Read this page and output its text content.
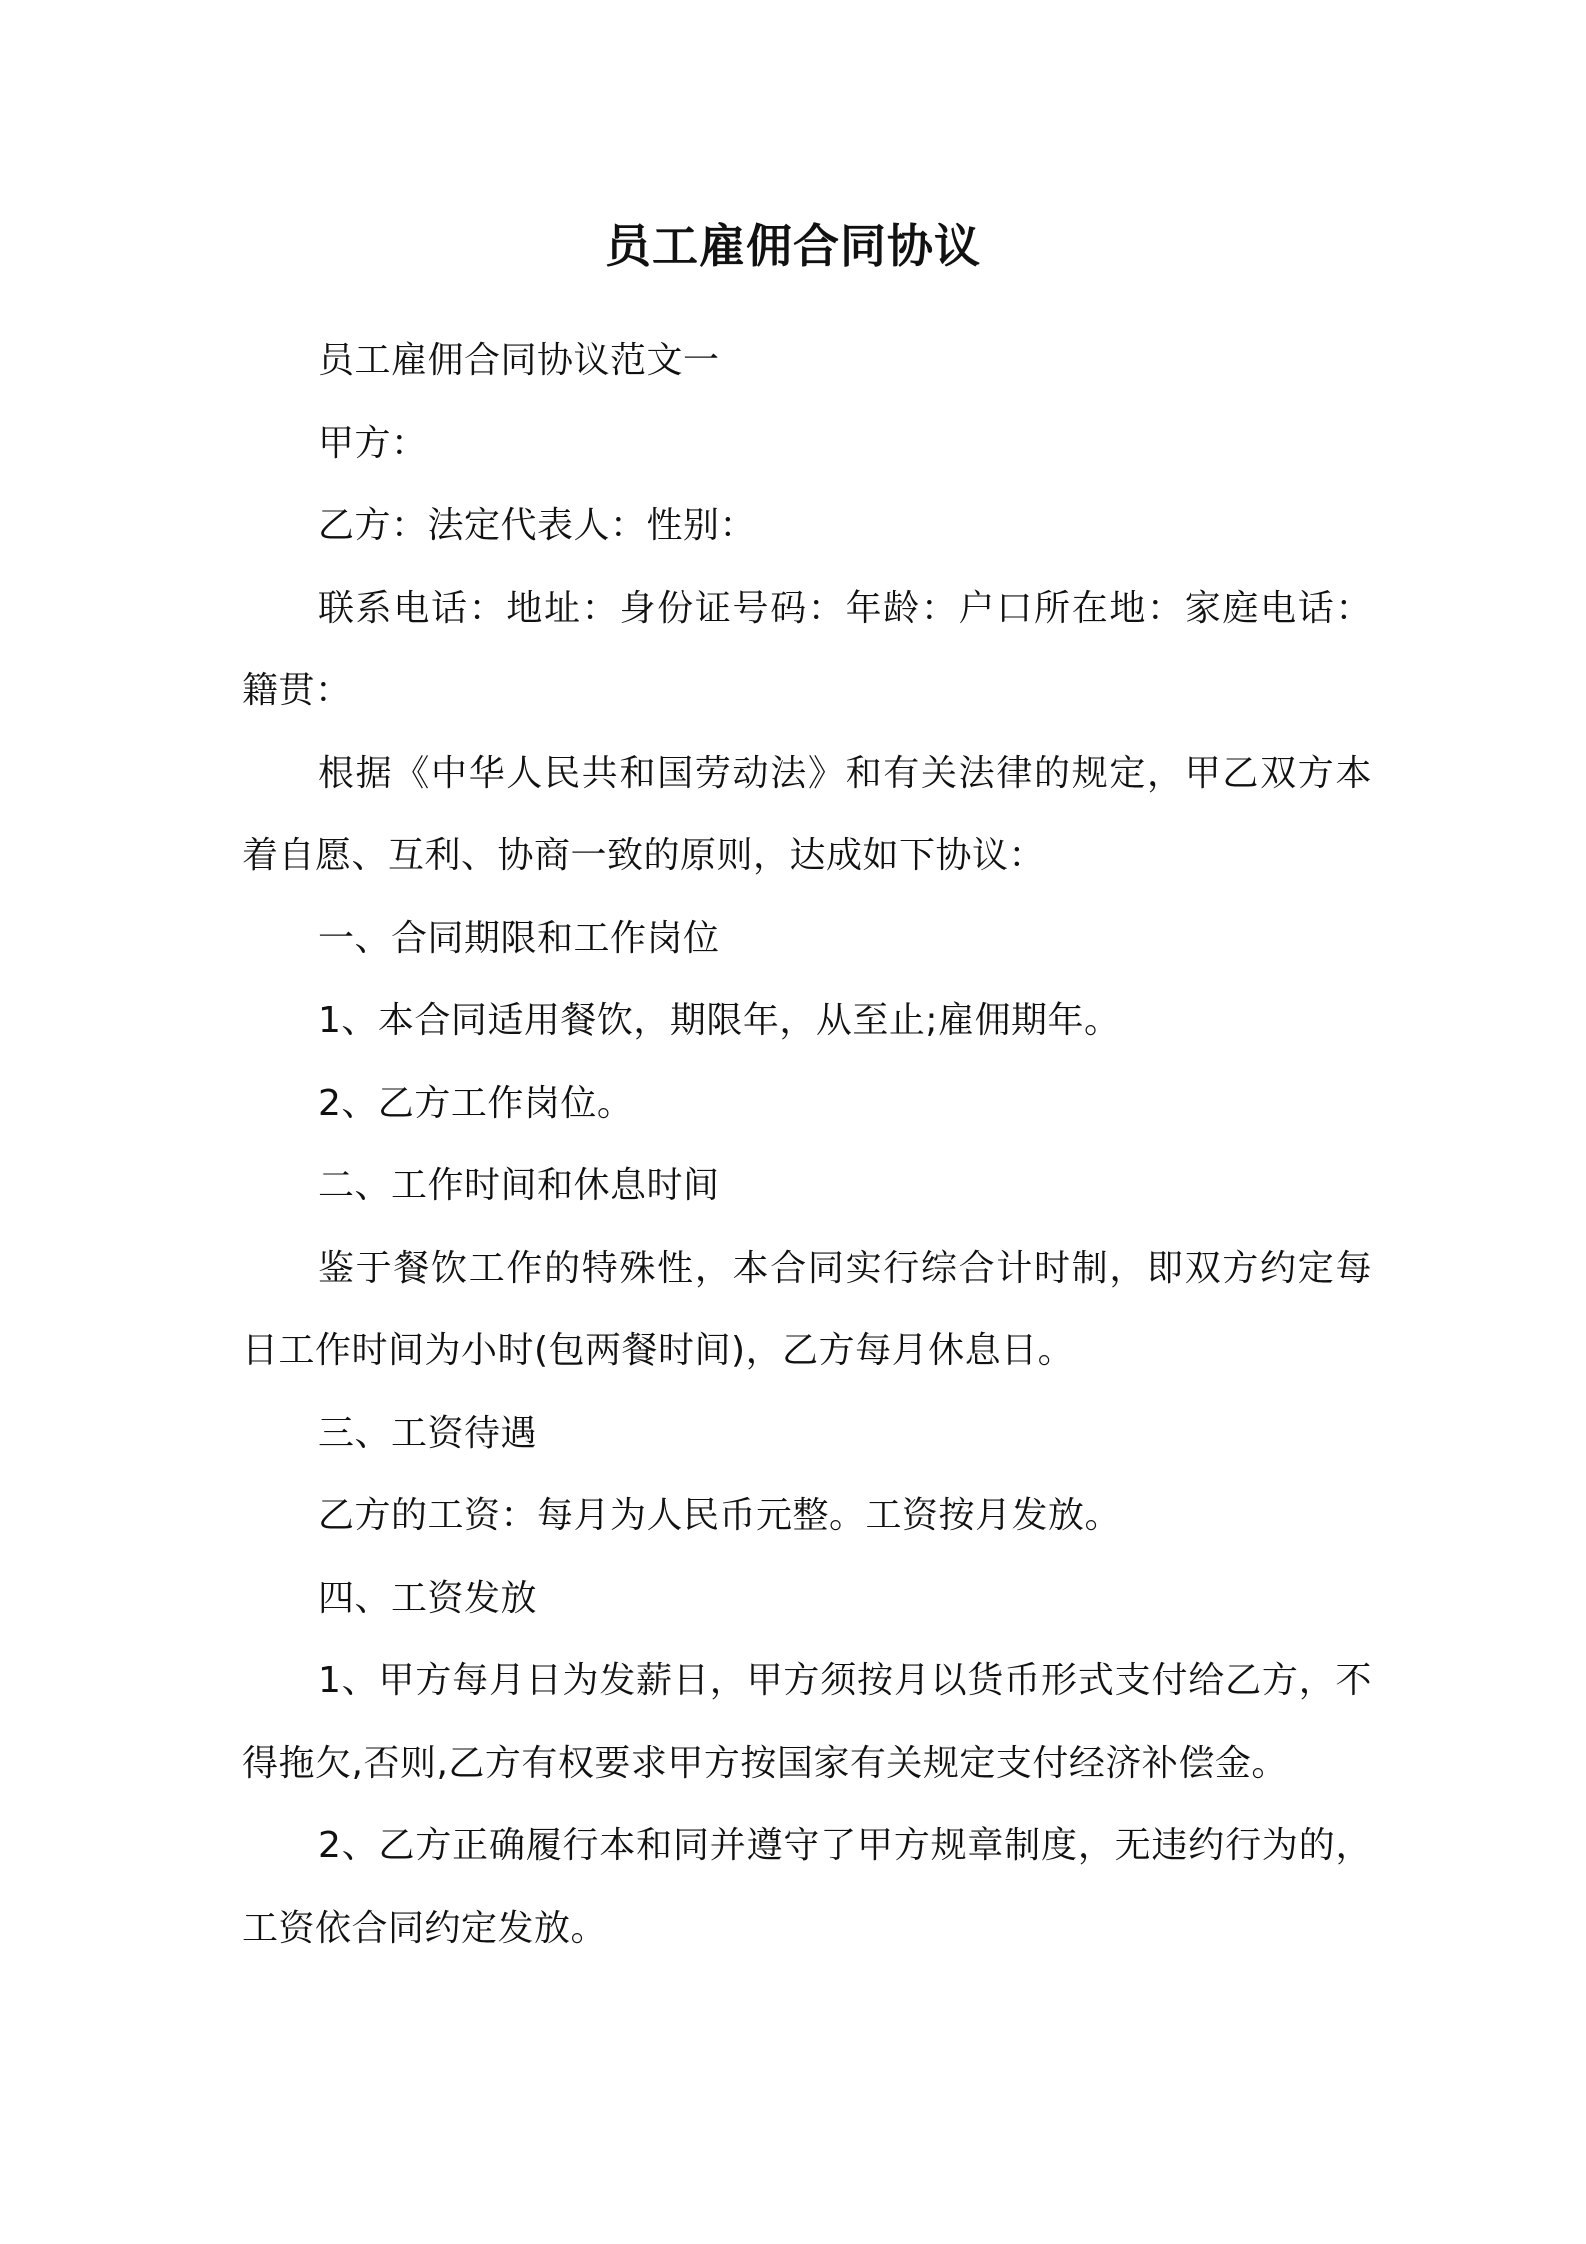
员工雇佣合同协议

员工雇佣合同协议范文一

甲方：

乙方：法定代表人：性别：

联系电话：地址：身份证号码：年龄：户口所在地：家庭电话：籍贯：

根据《中华人民共和国劳动法》和有关法律的规定，甲乙双方本着自愿、互利、协商一致的原则，达成如下协议：

一、合同期限和工作岗位

1、本合同适用餐饮，期限年，从至止;雇佣期年。

2、乙方工作岗位。

二、工作时间和休息时间

鉴于餐饮工作的特殊性，本合同实行综合计时制，即双方约定每日工作时间为小时(包两餐时间)，乙方每月休息日。

三、工资待遇

乙方的工资：每月为人民币元整。工资按月发放。

四、工资发放

1、甲方每月日为发薪日，甲方须按月以货币形式支付给乙方，不得拖欠,否则,乙方有权要求甲方按国家有关规定支付经济补偿金。

2、乙方正确履行本和同并遵守了甲方规章制度，无违约行为的，工资依合同约定发放。
